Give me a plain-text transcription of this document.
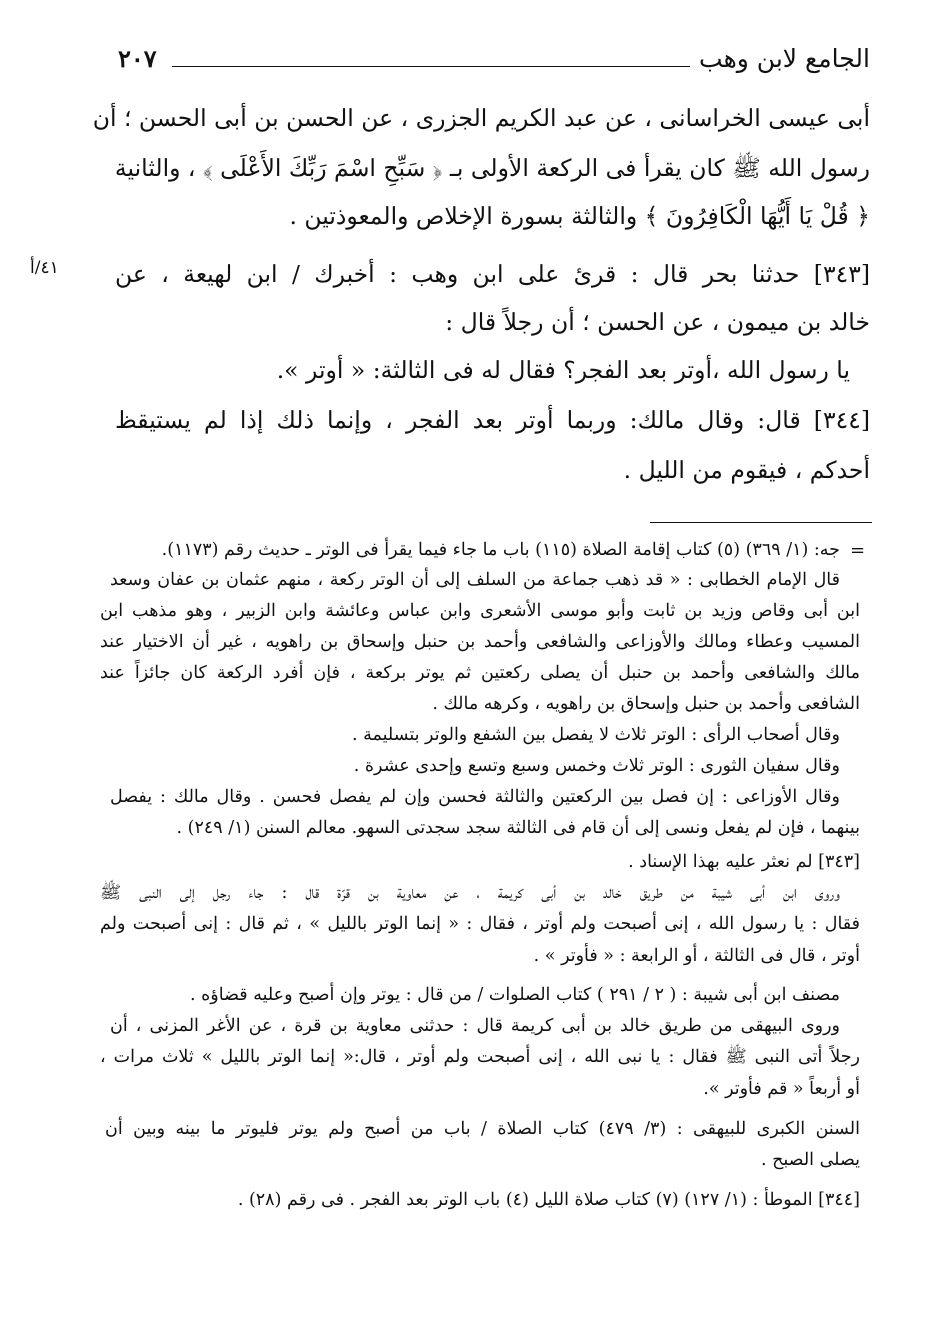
٢٠٧	الجامع لابن وهب
٤١/أ
أبى عيسى الخراسانى ، عن عبد الكريم الجزرى ، عن الحسن بن أبى الحسن ؛ أن
رسول الله ﷺ كان يقرأ فى الركعة الأولى بـ ﴿ سَبِّحِ اسْمَ رَبِّكَ الأَعْلَى ﴾ ، والثانية
﴿ قُلْ يَا أَيُّهَا الْكَافِرُونَ ﴾ والثالثة بسورة الإخلاص والمعوذتين .
[٣٤٣] حدثنا بحر قال : قرئ على ابن وهب : أخبرك / ابن لهيعة ، عن
خالد بن ميمون ، عن الحسن ؛ أن رجلاً قال :
يا رسول الله ،أوتر بعد الفجر؟ فقال له فى الثالثة: « أوتر ».
[٣٤٤] قال: وقال مالك: وربما أوتر بعد الفجر ، وإنما ذلك إذا لم يستيقظ
أحدكم ، فيقوم من الليل .
=
جه: (١/ ٣٦٩) (٥) كتاب إقامة الصلاة (١١٥) باب ما جاء فيما يقرأ فى الوتر ـ حديث رقم (١١٧٣).
قال الإمام الخطابى : « قد ذهب جماعة من السلف إلى أن الوتر ركعة ، منهم عثمان بن عفان وسعد
ابن أبى وقاص وزيد بن ثابت وأبو موسى الأشعرى وابن عباس وعائشة وابن الزبير ، وهو مذهب ابن
المسيب وعطاء ومالك والأوزاعى والشافعى وأحمد بن حنبل وإسحاق بن راهويه ، غير أن الاختيار عند
مالك والشافعى وأحمد بن حنبل أن يصلى ركعتين ثم يوتر بركعة ، فإن أفرد الركعة كان جائزاً عند
الشافعى وأحمد بن حنبل وإسحاق بن راهويه ، وكرهه مالك .
وقال أصحاب الرأى : الوتر ثلاث لا يفصل بين الشفع والوتر بتسليمة .
وقال سفيان الثورى : الوتر ثلاث وخمس وسبع وتسع وإحدى عشرة .
وقال الأوزاعى : إن فصل بين الركعتين والثالثة فحسن وإن لم يفصل فحسن . وقال مالك : يفصل
بينهما ، فإن لم يفعل ونسى إلى أن قام فى الثالثة سجد سجدتى السهو. معالم السنن (١/ ٢٤٩) .
[٣٤٣] لم نعثر عليه بهذا الإسناد .
وروى ابن أبى شيبة من طريق خالد بن أبى كريمة ، عن معاوية بن قرّة قال : جاء رجل إلى النبى ﷺ
فقال : يا رسول الله ، إنى أصبحت ولم أوتر ، فقال : « إنما الوتر بالليل » ، ثم قال : إنى أصبحت ولم
أوتر ، قال فى الثالثة ، أو الرابعة : « فأوتر » .
مصنف ابن أبى شيبة : ( ٢ / ٢٩١ ) كتاب الصلوات / من قال : يوتر وإن أصبح وعليه قضاؤه .
وروى البيهقى من طريق خالد بن أبى كريمة قال : حدثنى معاوية بن قرة ، عن الأغر المزنى ، أن
رجلاً أتى النبى ﷺ فقال : يا نبى الله ، إنى أصبحت ولم أوتر ، قال:« إنما الوتر بالليل » ثلاث مرات ،
أو أربعاً « قم فأوتر ».
السنن الكبرى للبيهقى : (٣/ ٤٧٩) كتاب الصلاة / باب من أصبح ولم يوتر فليوتر ما بينه وبين أن
يصلى الصبح .
[٣٤٤] الموطأ : (١/ ١٢٧) (٧) كتاب صلاة الليل (٤) باب الوتر بعد الفجر . فى رقم (٢٨) .
